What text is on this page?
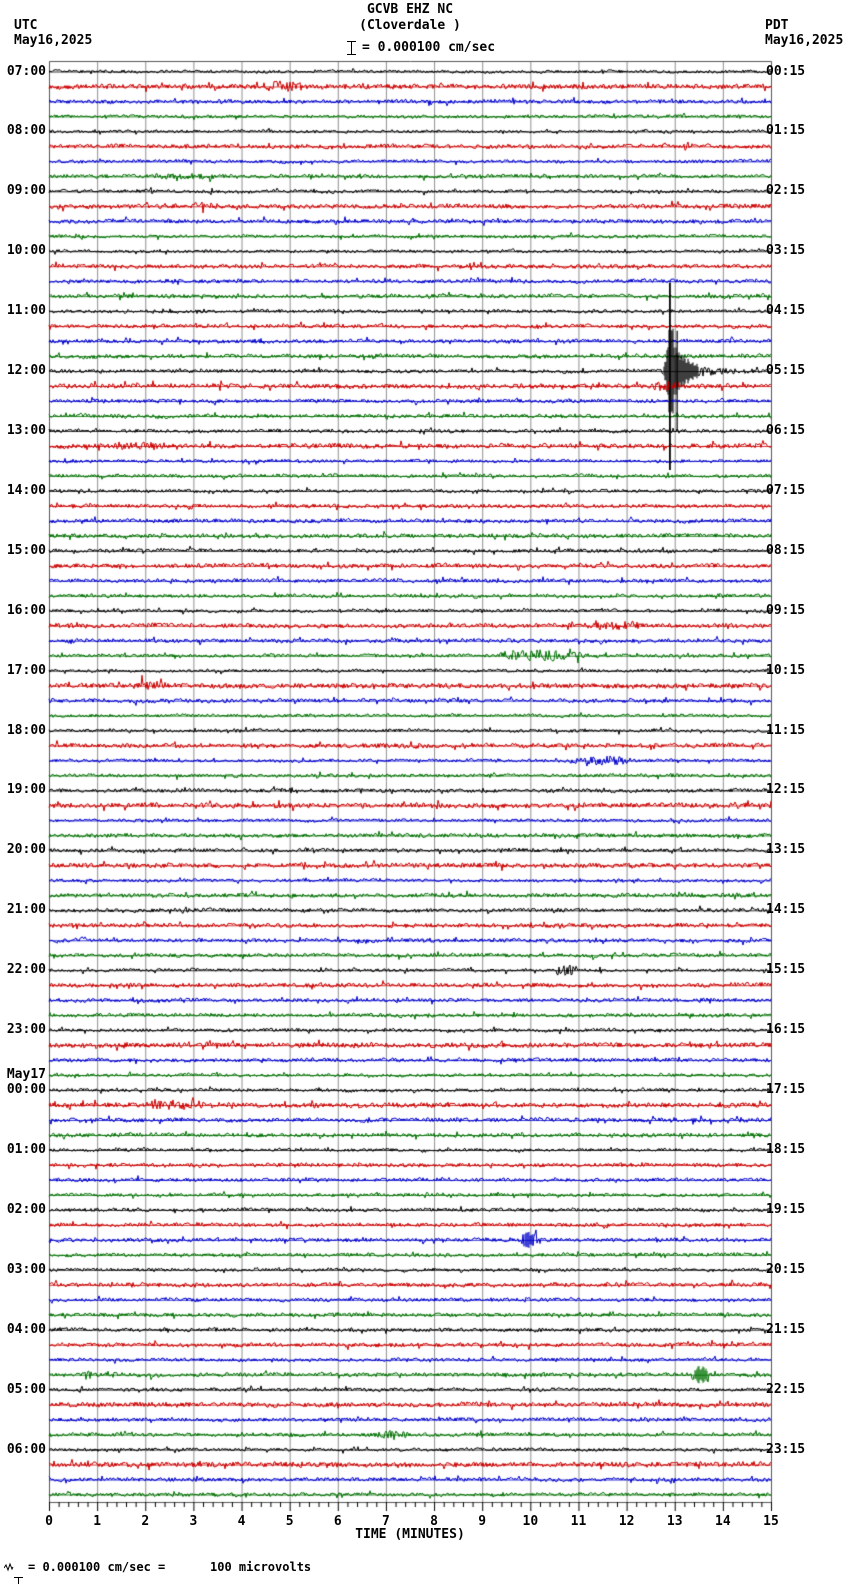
UTC
May16,2025
PDT
May16,2025
GCVB EHZ NC
(Cloverdale )
= 0.000100 cm/sec
07:00
08:00
09:00
10:00
11:00
12:00
13:00
14:00
15:00
16:00
17:00
18:00
19:00
20:00
21:00
22:00
23:00
00:00
01:00
02:00
03:00
04:00
05:00
06:00
May17
00:15
01:15
02:15
03:15
04:15
05:15
06:15
07:15
08:15
09:15
10:15
11:15
12:15
13:15
14:15
15:15
16:15
17:15
18:15
19:15
20:15
21:15
22:15
23:15
0	1	2	3	4	5	6	7	8	9	10	11	12	13	14	15
TIME (MINUTES)
= 0.000100 cm/sec =	100 microvolts
